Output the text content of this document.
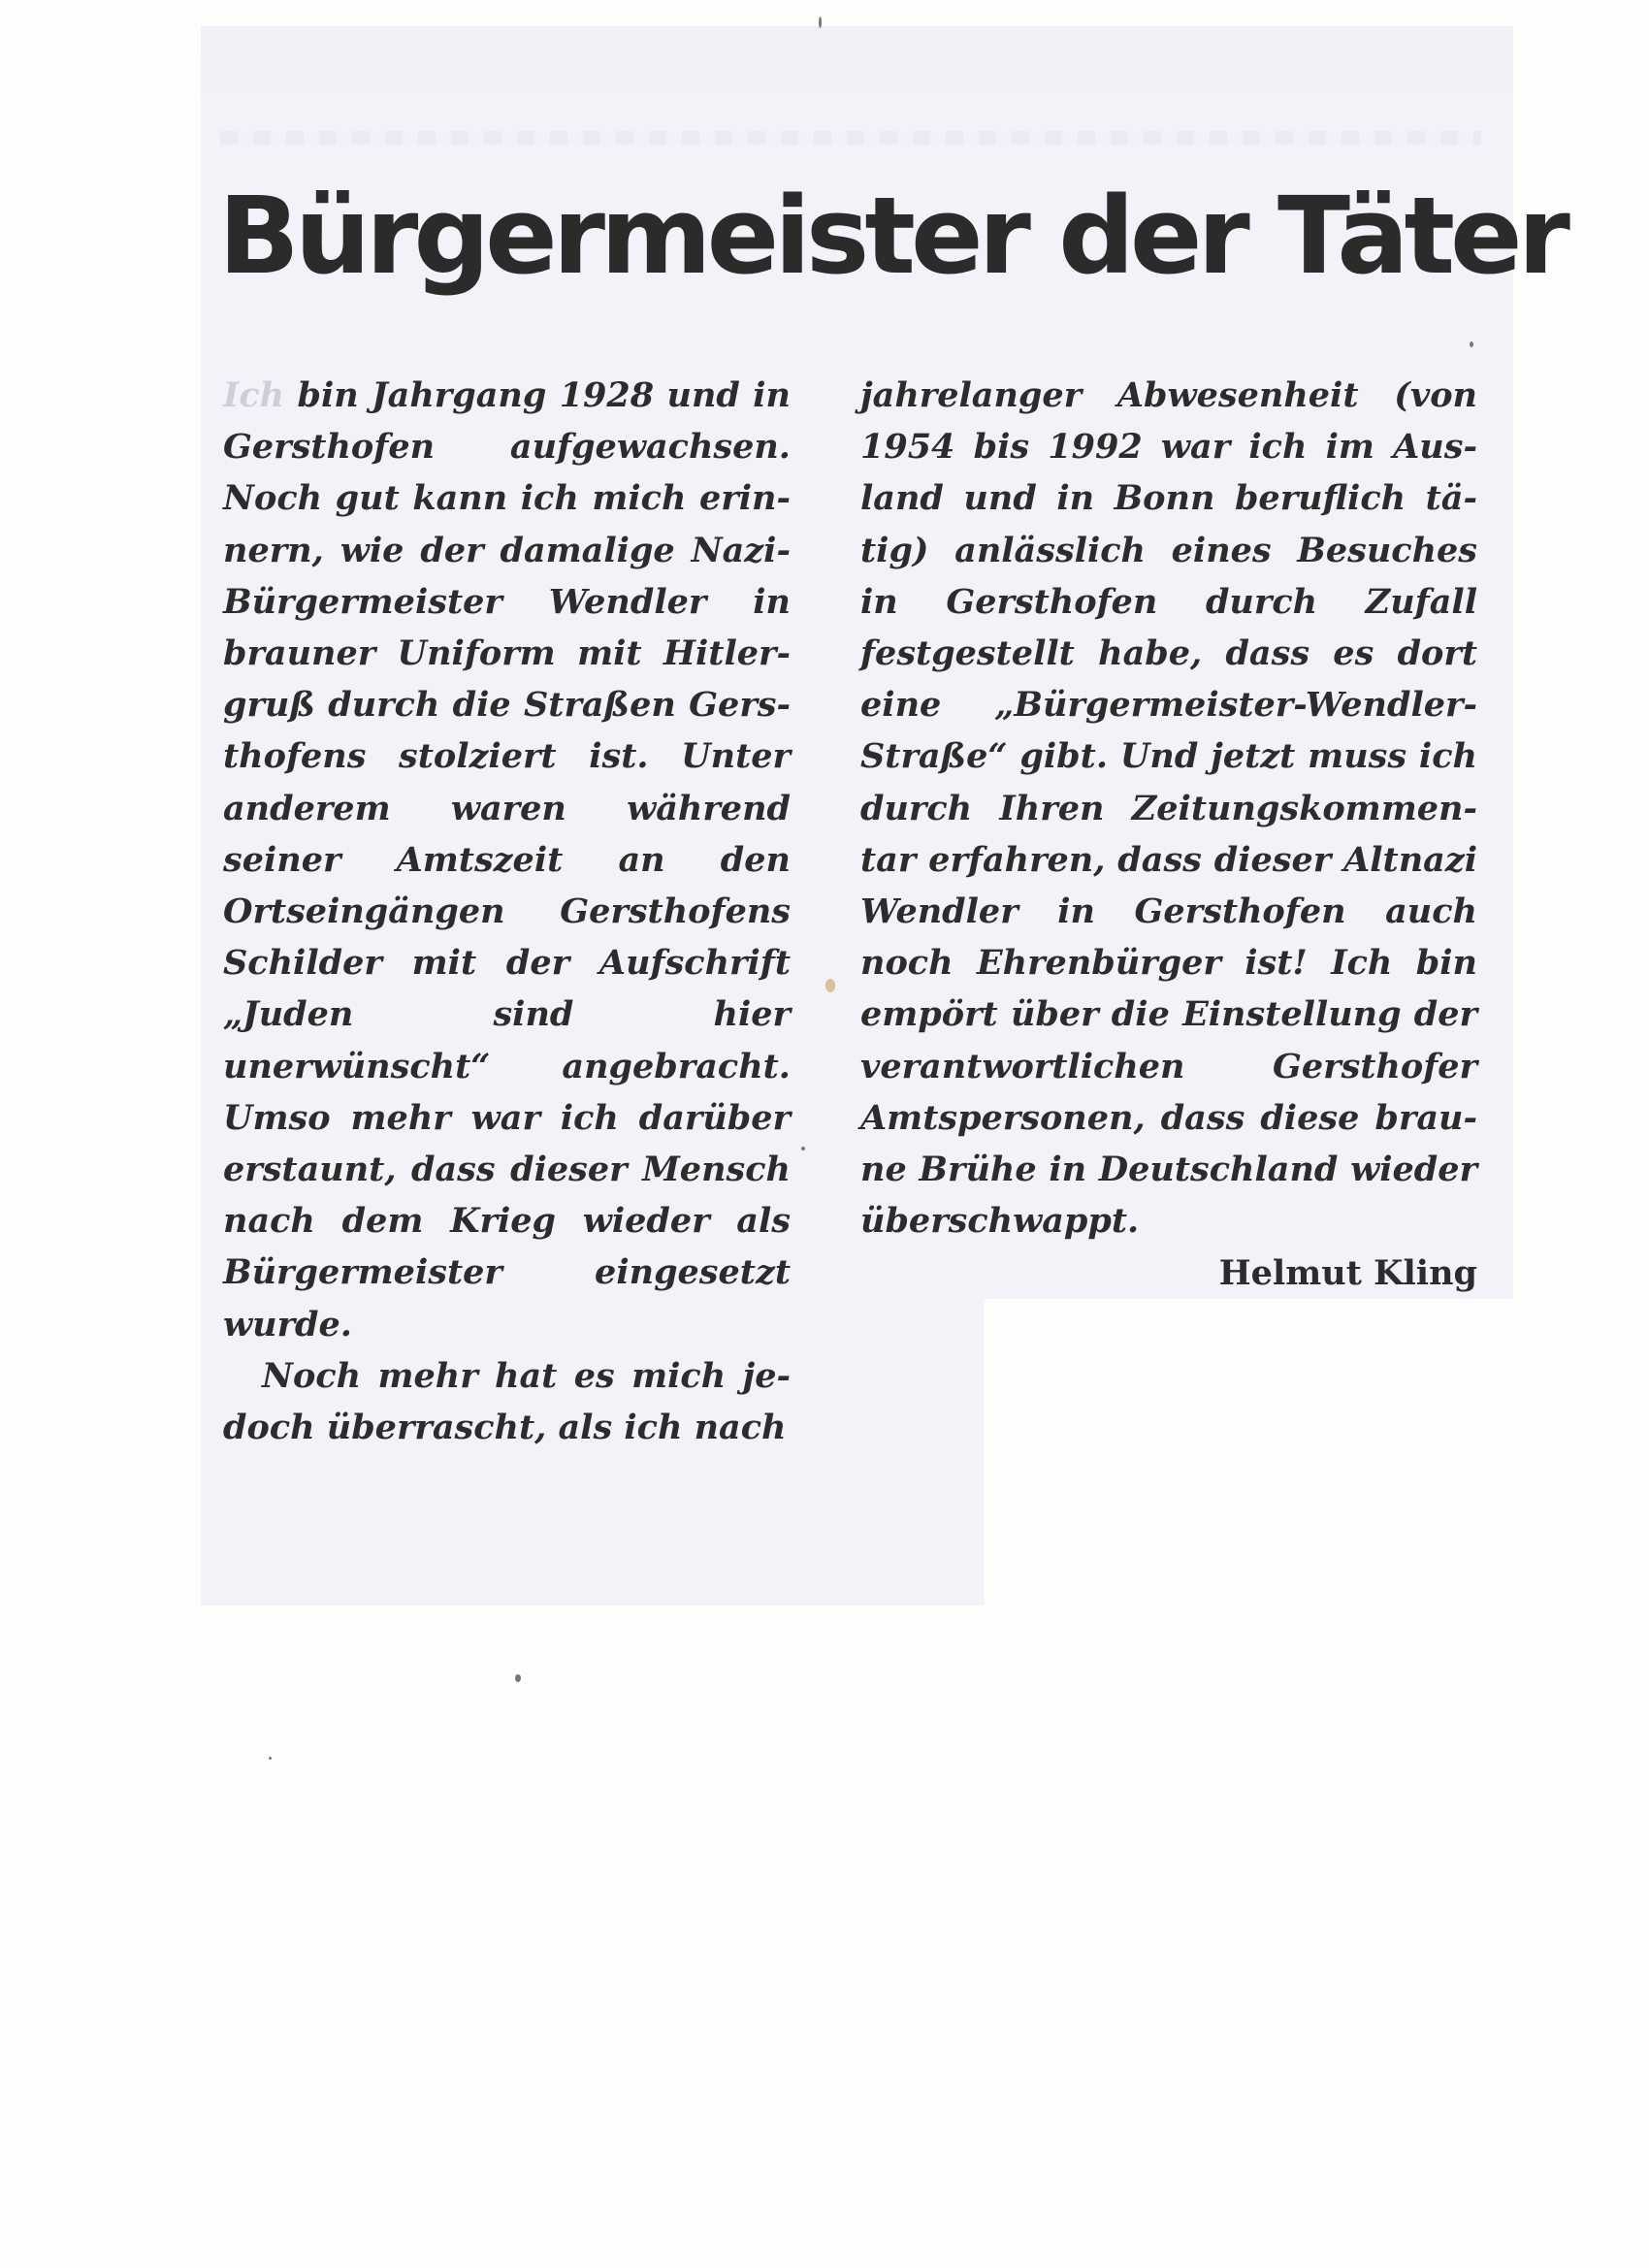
Bürgermeister der Täter

Ich bin Jahrgang 1928 und in Gersthofen aufgewachsen. Noch gut kann ich mich erinnern, wie der damalige Nazi-Bürgermeister Wendler in brauner Uniform mit Hitlergruß durch die Straßen Gersthofens stolziert ist. Unter anderem waren während seiner Amtszeit an den Ortseingängen Gersthofens Schilder mit der Aufschrift „Juden sind hier unerwünscht“ angebracht. Umso mehr war ich darüber erstaunt, dass dieser Mensch nach dem Krieg wieder als Bürgermeister eingesetzt wurde.

Noch mehr hat es mich jedoch überrascht, als ich nach

jahrelanger Abwesenheit (von 1954 bis 1992 war ich im Ausland und in Bonn beruflich tätig) anlässlich eines Besuches in Gersthofen durch Zufall festgestellt habe, dass es dort eine „Bürgermeister-Wendler-Straße“ gibt. Und jetzt muss ich durch Ihren Zeitungskommentar erfahren, dass dieser Altnazi Wendler in Gersthofen auch noch Ehrenbürger ist! Ich bin empört über die Einstellung der verantwortlichen Gersthofer Amtspersonen, dass diese braune Brühe in Deutschland wieder überschwappt.

Helmut Kling
